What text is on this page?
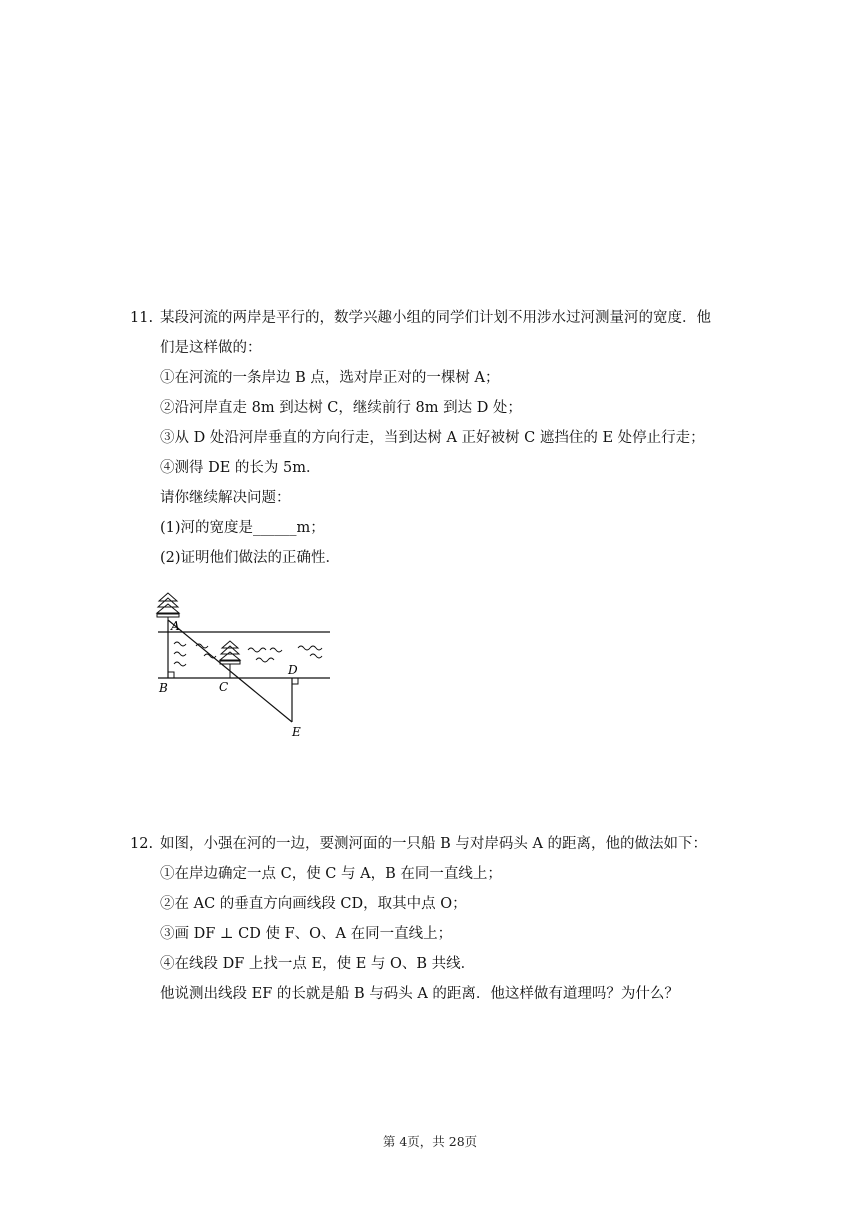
11. 某段河流的两岸是平行的，数学兴趣小组的同学们计划不用涉水过河测量河的宽度．他
们是这样做的：
①在河流的一条岸边 B 点，选对岸正对的一棵树 A；
②沿河岸直走 8m 到达树 C，继续前行 8m 到达 D 处；
③从 D 处沿河岸垂直的方向行走，当到达树 A 正好被树 C 遮挡住的 E 处停止行走；
④测得 DE 的长为 5m．
请你继续解决问题：
(1)河的宽度是______m；
(2)证明他们做法的正确性．
A
B	C
D
E
12. 如图，小强在河的一边，要测河面的一只船 B 与对岸码头 A 的距离，他的做法如下：
①在岸边确定一点 C，使 C 与 A，B 在同一直线上；
②在 AC 的垂直方向画线段 CD，取其中点 O；
③画 DF ⊥ CD 使 F、O、A 在同一直线上；
④在线段 DF 上找一点 E，使 E 与 O、B 共线．
他说测出线段 EF 的长就是船 B 与码头 A 的距离．他这样做有道理吗？为什么？
第 4页，共 28页
